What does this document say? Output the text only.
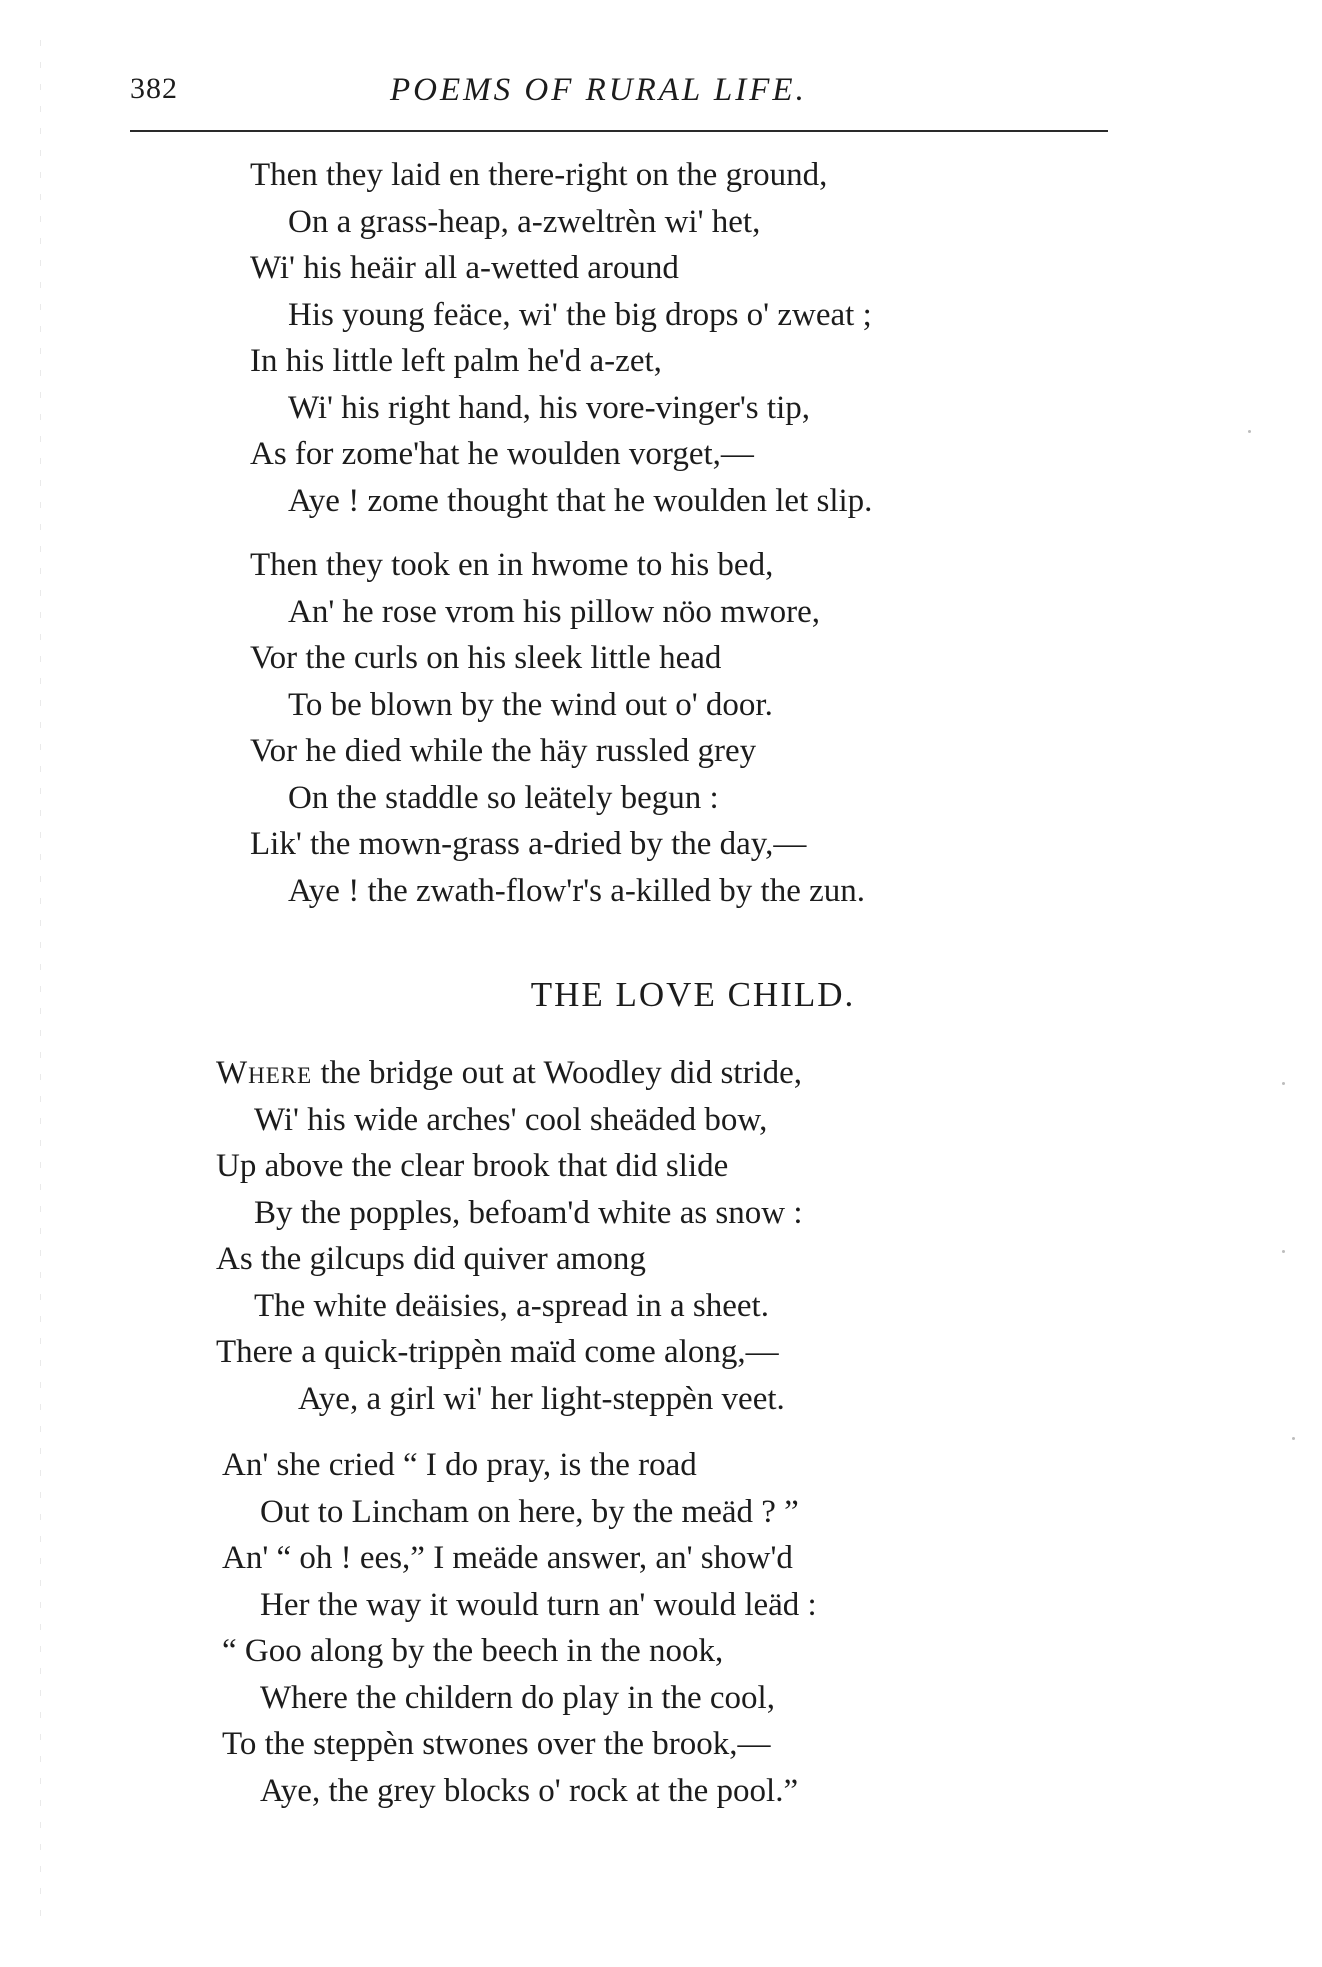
382	POEMS OF RURAL LIFE.
Then they laid en there-right on the ground,
On a grass-heap, a-zweltrèn wi' het,
Wi' his heäir all a-wetted around
His young feäce, wi' the big drops o' zweat ;
In his little left palm he'd a-zet,
Wi' his right hand, his vore-vinger's tip,
As for zome'hat he woulden vorget,—
Aye ! zome thought that he woulden let slip.
Then they took en in hwome to his bed,
An' he rose vrom his pillow nöo mwore,
Vor the curls on his sleek little head
To be blown by the wind out o' door.
Vor he died while the häy russled grey
On the staddle so leätely begun :
Lik' the mown-grass a-dried by the day,—
Aye ! the zwath-flow'r's a-killed by the zun.
THE LOVE CHILD.
Where the bridge out at Woodley did stride,
Wi' his wide arches' cool sheäded bow,
Up above the clear brook that did slide
By the popples, befoam'd white as snow :
As the gilcups did quiver among
The white deäisies, a-spread in a sheet.
There a quick-trippèn maïd come along,—
Aye, a girl wi' her light-steppèn veet.
An' she cried “ I do pray, is the road
Out to Lincham on here, by the meäd ? ”
An' “ oh ! ees,” I meäde answer, an' show'd
Her the way it would turn an' would leäd :
“ Goo along by the beech in the nook,
Where the childern do play in the cool,
To the steppèn stwones over the brook,—
Aye, the grey blocks o' rock at the pool.”
